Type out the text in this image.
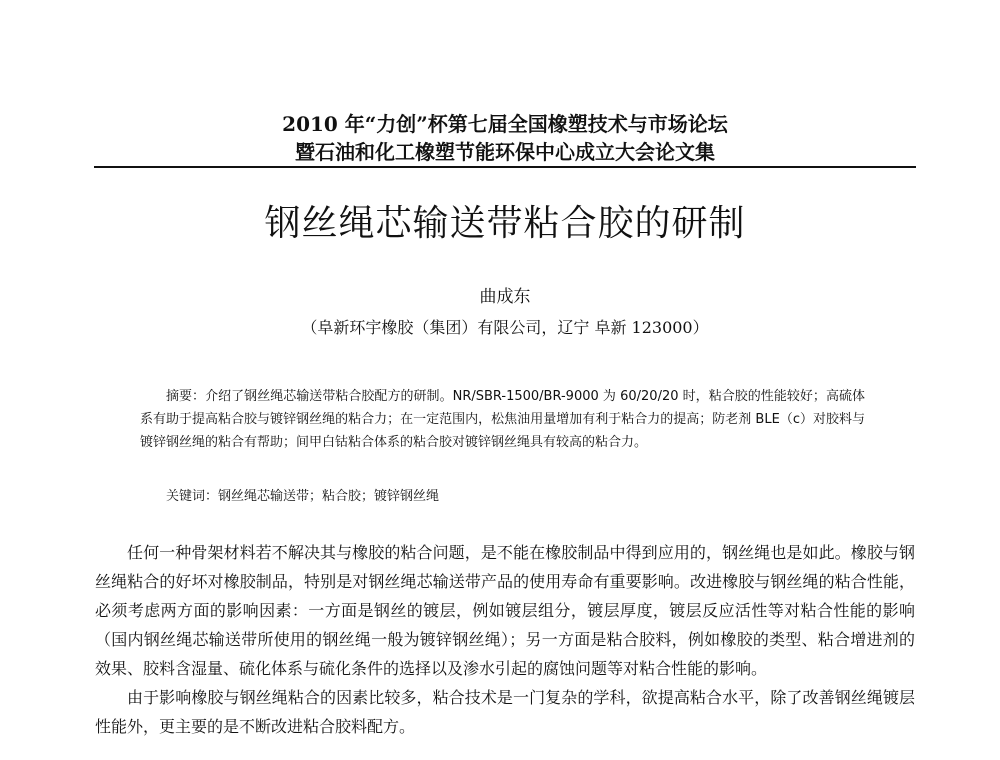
2010 年“力创”杯第七届全国橡塑技术与市场论坛
暨石油和化工橡塑节能环保中心成立大会论文集
钢丝绳芯输送带粘合胶的研制
曲成东
（阜新环宇橡胶（集团）有限公司，辽宁 阜新 123000）
摘要：介绍了钢丝绳芯输送带粘合胶配方的研制。NR/SBR-1500/BR-9000 为 60/20/20 时，粘合胶的性能较好；高硫体系有助于提高粘合胶与镀锌钢丝绳的粘合力；在一定范围内，松焦油用量增加有利于粘合力的提高；防老剂 BLE（c）对胶料与镀锌钢丝绳的粘合有帮助；间甲白钴粘合体系的粘合胶对镀锌钢丝绳具有较高的粘合力。
关键词：钢丝绳芯输送带；粘合胶；镀锌钢丝绳

任何一种骨架材料若不解决其与橡胶的粘合问题，是不能在橡胶制品中得到应用的，钢丝绳也是如此。橡胶与钢丝绳粘合的好坏对橡胶制品，特别是对钢丝绳芯输送带产品的使用寿命有重要影响。改进橡胶与钢丝绳的粘合性能，必须考虑两方面的影响因素：一方面是钢丝的镀层，例如镀层组分，镀层厚度，镀层反应活性等对粘合性能的影响（国内钢丝绳芯输送带所使用的钢丝绳一般为镀锌钢丝绳）；另一方面是粘合胶料，例如橡胶的类型、粘合增进剂的效果、胶料含湿量、硫化体系与硫化条件的选择以及渗水引起的腐蚀问题等对粘合性能的影响。

由于影响橡胶与钢丝绳粘合的因素比较多，粘合技术是一门复杂的学科，欲提高粘合水平，除了改善钢丝绳镀层性能外，更主要的是不断改进粘合胶料配方。
